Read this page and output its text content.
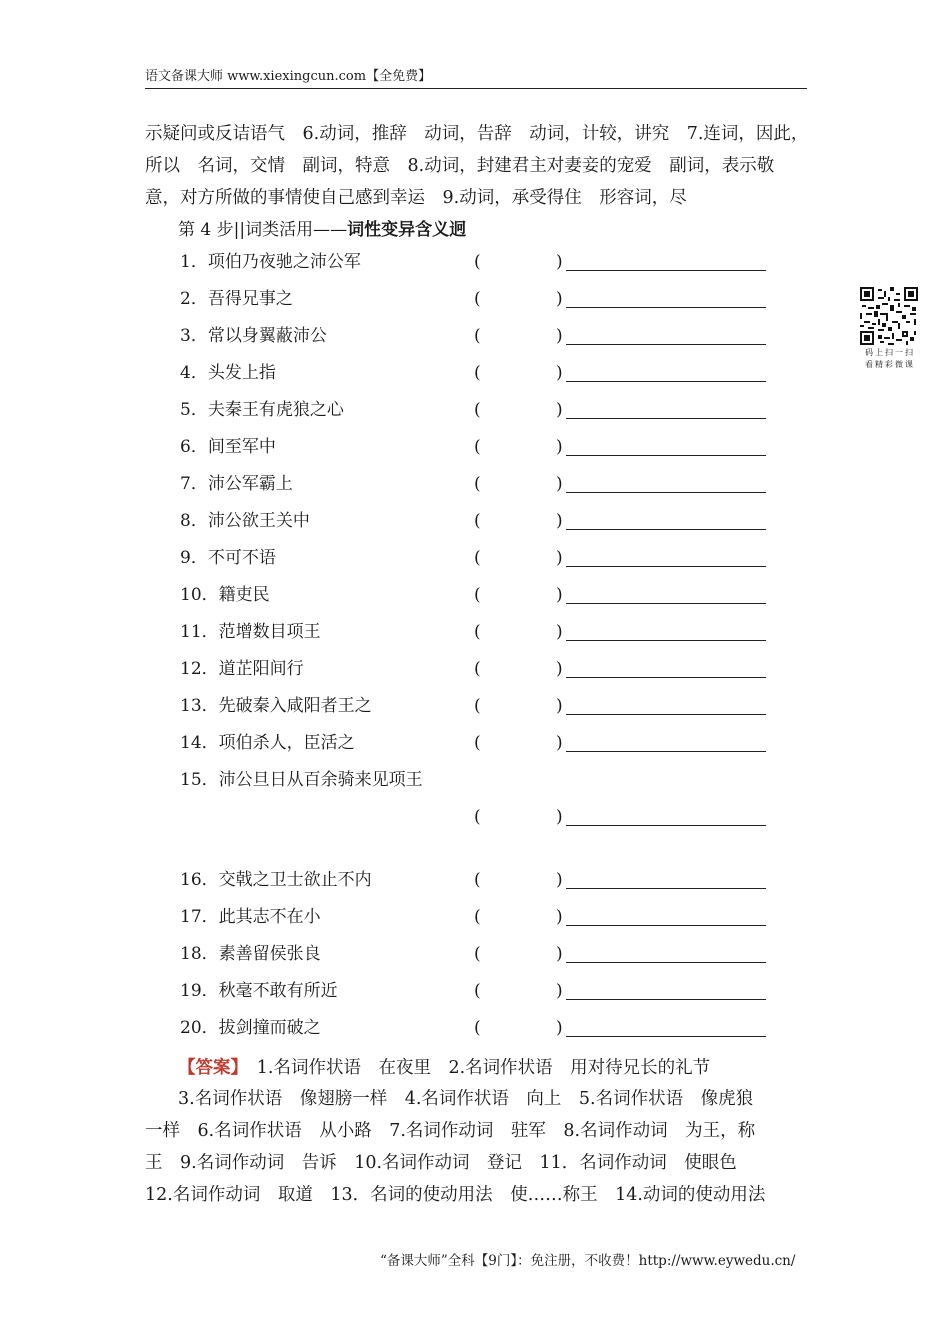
语文备课大师 www.xiexingcun.com【全免费】
示疑问或反诘语气　6.动词，推辞　动词，告辞　动词，计较，讲究　7.连词，因此，
所以　名词，交情　副词，特意　8.动词，封建君主对妻妾的宠爱　副词，表示敬
意，对方所做的事情使自己感到幸运　9.动词，承受得住　形容词，尽
第 4 步||词类活用——词性变异含义迥
1．项伯乃夜驰之沛公军	(	)
2．吾得兄事之	(	)
3．常以身翼蔽沛公	(	)
4．头发上指	(	)
5．夫秦王有虎狼之心	(	)
6．间至军中	(	)
7．沛公军霸上	(	)
8．沛公欲王关中	(	)
9．不可不语	(	)
10．籍吏民	(	)
11．范增数目项王	(	)
12．道芷阳间行	(	)
13．先破秦入咸阳者王之	(	)
14．项伯杀人，臣活之	(	)
15．沛公旦日从百余骑来见项王
(	)
16．交戟之卫士欲止不内	(	)
17．此其志不在小	(	)
18．素善留侯张良	(	)
19．秋毫不敢有所近	(	)
20．拔剑撞而破之	(	)
【答案】　 1.名词作状语　在夜里　2.名词作状语　用对待兄长的礼节
3.名词作状语　像翅膀一样　4.名词作状语　向上　5.名词作状语　像虎狼
一样　6.名词作状语　从小路　7.名词作动词　驻军　8.名词作动词　为王，称
王　9.名词作动词　告诉　10.名词作动词　登记　11．名词作动词　使眼色
12.名词作动词　取道　13．名词的使动用法　使……称王　14.动词的使动用法
码上扫一扫
看精彩微课
“备课大师”全科【9门】：免注册，不收费！http://www.eywedu.cn/
